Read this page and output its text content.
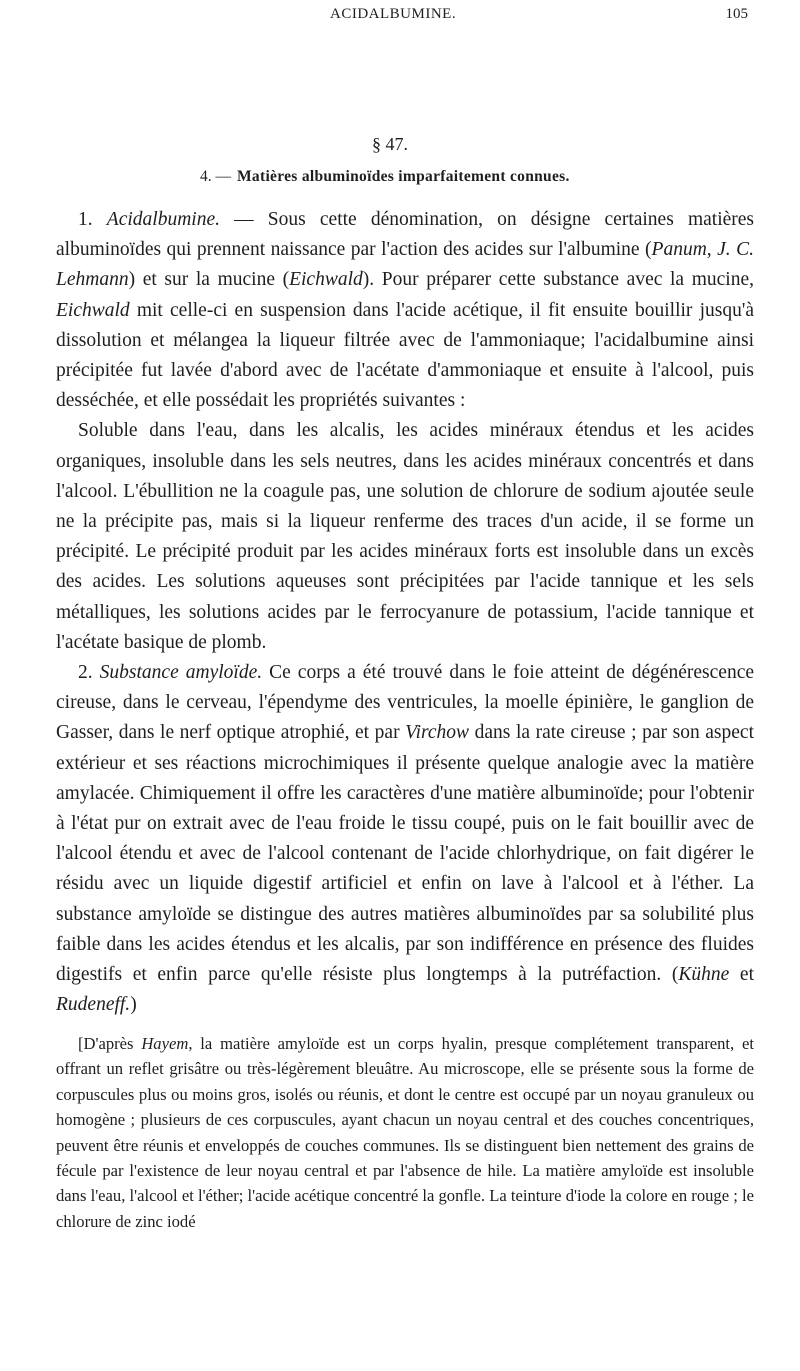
ACIDALBUMINE.	105
§ 47.
4. — Matières albuminoïdes imparfaitement connues.

1. Acidalbumine. — Sous cette dénomination, on désigne certaines matières albuminoïdes qui prennent naissance par l'action des acides sur l'albumine (Panum, J. C. Lehmann) et sur la mucine (Eichwald). Pour préparer cette substance avec la mucine, Eichwald mit celle-ci en suspension dans l'acide acétique, il fit ensuite bouillir jusqu'à dissolution et mélangea la liqueur filtrée avec de l'ammoniaque; l'acidalbumine ainsi précipitée fut lavée d'abord avec de l'acétate d'ammoniaque et ensuite à l'alcool, puis desséchée, et elle possédait les propriétés suivantes :

Soluble dans l'eau, dans les alcalis, les acides minéraux étendus et les acides organiques, insoluble dans les sels neutres, dans les acides minéraux concentrés et dans l'alcool. L'ébullition ne la coagule pas, une solution de chlorure de sodium ajoutée seule ne la précipite pas, mais si la liqueur renferme des traces d'un acide, il se forme un précipité. Le précipité produit par les acides minéraux forts est insoluble dans un excès des acides. Les solutions aqueuses sont précipitées par l'acide tannique et les sels métalliques, les solutions acides par le ferrocyanure de potassium, l'acide tannique et l'acétate basique de plomb.

2. Substance amyloïde. Ce corps a été trouvé dans le foie atteint de dégénérescence cireuse, dans le cerveau, l'épendyme des ventricules, la moelle épinière, le ganglion de Gasser, dans le nerf optique atrophié, et par Virchow dans la rate cireuse ; par son aspect extérieur et ses réactions microchimiques il présente quelque analogie avec la matière amylacée. Chimiquement il offre les caractères d'une matière albuminoïde; pour l'obtenir à l'état pur on extrait avec de l'eau froide le tissu coupé, puis on le fait bouillir avec de l'alcool étendu et avec de l'alcool contenant de l'acide chlorhydrique, on fait digérer le résidu avec un liquide digestif artificiel et enfin on lave à l'alcool et à l'éther. La substance amyloïde se distingue des autres matières albuminoïdes par sa solubilité plus faible dans les acides étendus et les alcalis, par son indifférence en présence des fluides digestifs et enfin parce qu'elle résiste plus longtemps à la putréfaction. (Kühne et Rudeneff.)

[D'après Hayem, la matière amyloïde est un corps hyalin, presque complétement transparent, et offrant un reflet grisâtre ou très-légèrement bleuâtre. Au microscope, elle se présente sous la forme de corpuscules plus ou moins gros, isolés ou réunis, et dont le centre est occupé par un noyau granuleux ou homogène ; plusieurs de ces corpuscules, ayant chacun un noyau central et des couches concentriques, peuvent être réunis et enveloppés de couches communes. Ils se distinguent bien nettement des grains de fécule par l'existence de leur noyau central et par l'absence de hile. La matière amyloïde est insoluble dans l'eau, l'alcool et l'éther; l'acide acétique concentré la gonfle. La teinture d'iode la colore en rouge ; le chlorure de zinc iodé
